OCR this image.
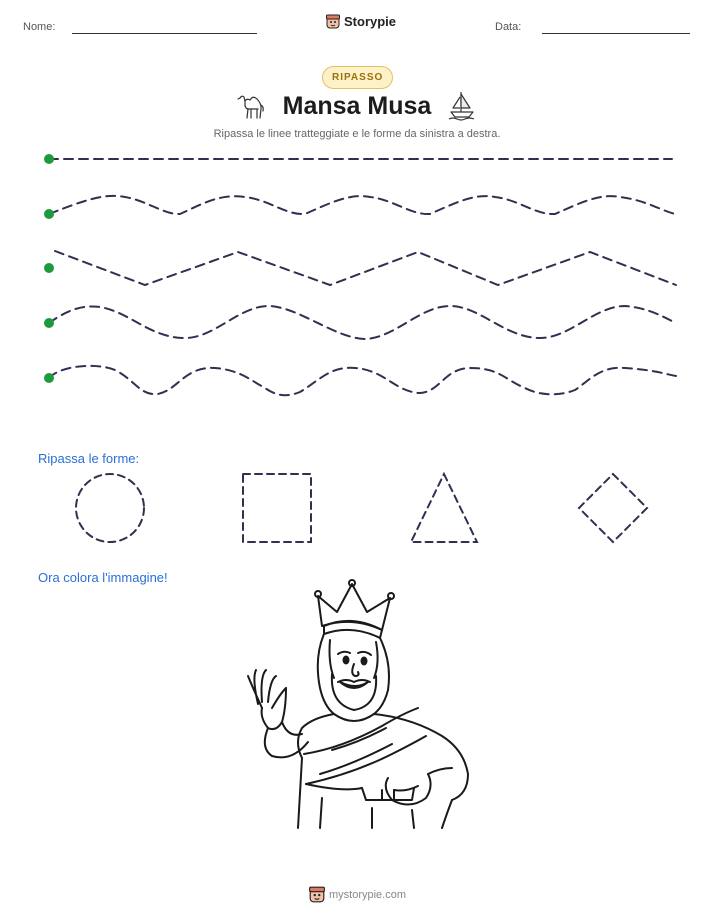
Nome:	Storypie	Data:
RIPASSO
Mansa Musa
Ripassa le linee tratteggiate e le forme da sinistra a destra.
Ripassa le forme:
Ora colora l'immagine!
mystorypie.com
